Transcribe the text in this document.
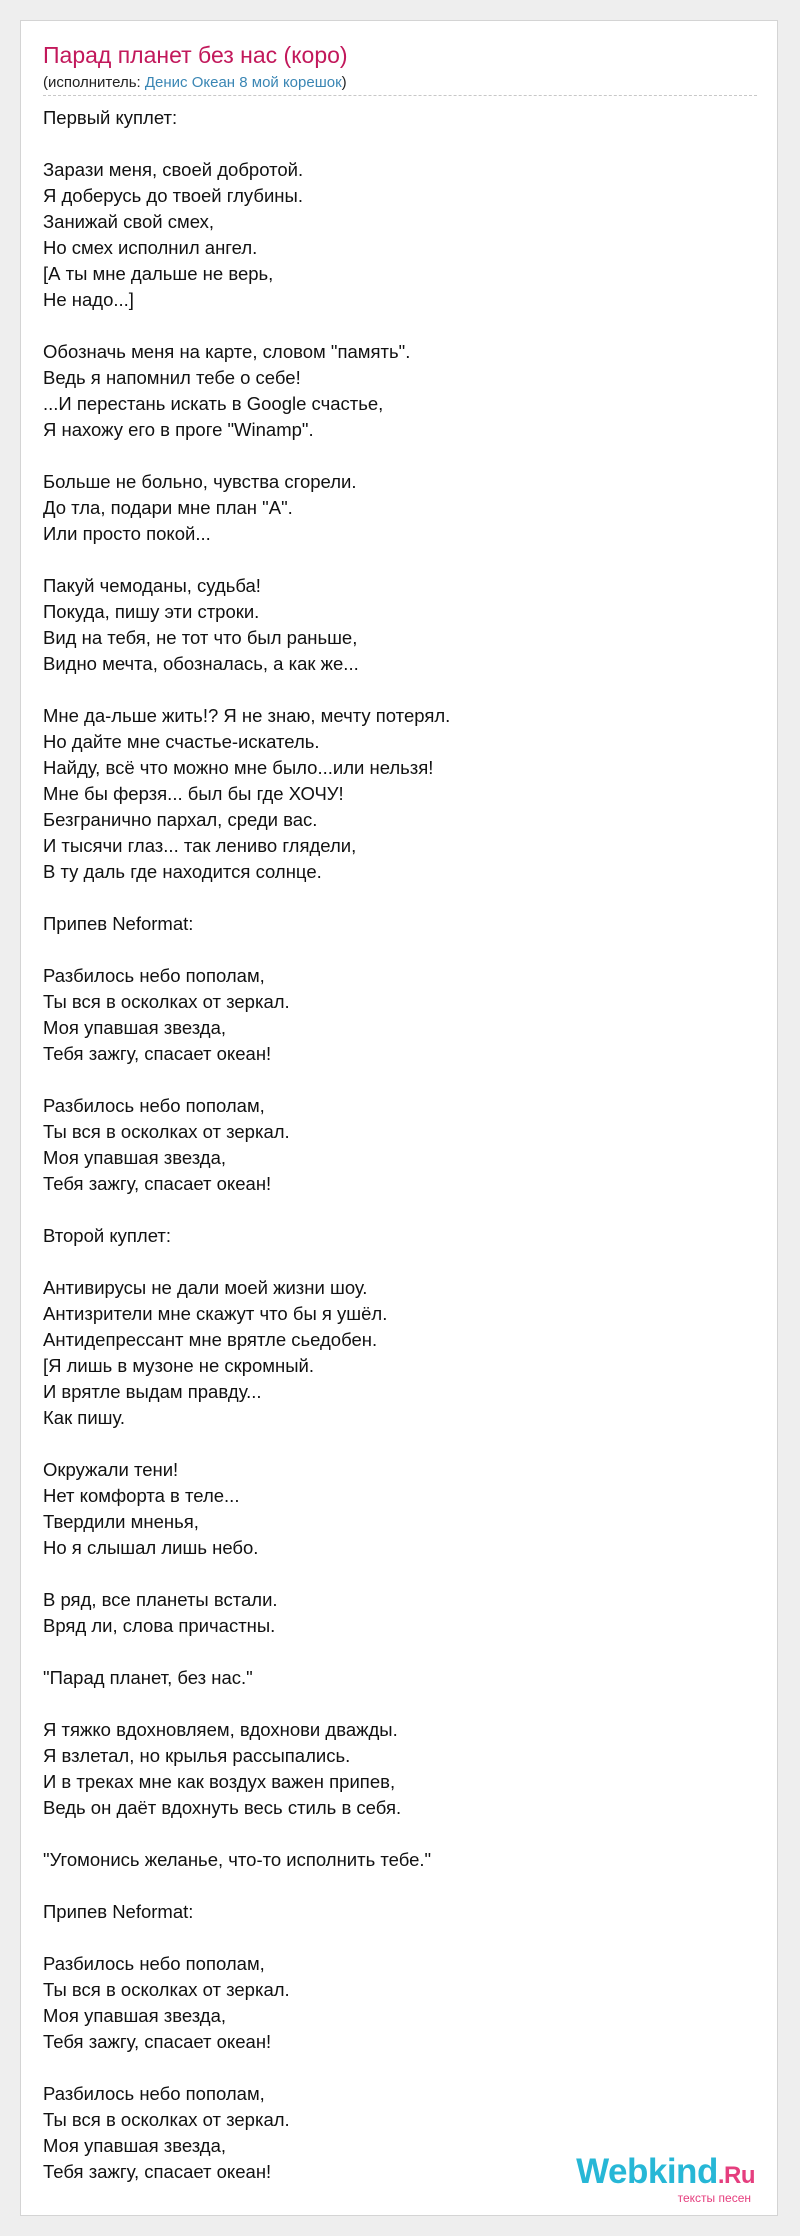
Парад планет без нас (коро)
(исполнитель: Денис Океан 8 мой корешок)
Первый куплет:
Зарази меня, своей добротой.
Я доберусь до твоей глубины.
Занижай свой смех,
Но смех исполнил ангел.
[А ты мне дальше не верь,
Не надо...]
Обозначь меня на карте, словом "память".
Ведь я напомнил тебе о себе!
...И перестань искать в Google счастье,
Я нахожу его в проге "Winamp".
Больше не больно, чувства сгорели.
До тла, подари мне план "А".
Или просто покой...
Пакуй чемоданы, судьба!
Покуда, пишу эти строки.
Вид на тебя, не тот что был раньше,
Видно мечта, обозналась, а как же...
Мне да-льше жить!? Я не знаю, мечту потерял.
Но дайте мне счастье-искатель.
Найду, всё что можно мне было...или нельзя!
Мне бы ферзя... был бы где ХОЧУ!
Безгранично пархал, среди вас.
И тысячи глаз... так лениво глядели,
В ту даль где находится солнце.
Припев Neformat:
Разбилось небо пополам,
Ты вся в осколках от зеркал.
Моя упавшая звезда,
Тебя зажгу, спасает океан!
Разбилось небо пополам,
Ты вся в осколках от зеркал.
Моя упавшая звезда,
Тебя зажгу, спасает океан!
Второй куплет:
Антивирусы не дали моей жизни шоу.
Антизрители мне скажут что бы я ушёл.
Антидепрессант мне врятле сьедобен.
[Я лишь в музоне не скромный.
И врятле выдам правду...
Как пишу.
Окружали тени!
Нет комфорта в теле...
Твердили мненья,
Но я слышал лишь небо.
В ряд, все планеты встали.
Вряд ли, слова причастны.
"Парад планет, без нас."
Я тяжко вдохновляем, вдохнови дважды.
Я взлетал, но крылья рассыпались.
И в треках мне как воздух важен припев,
Ведь он даёт вдохнуть весь стиль в себя.
"Угомонись желанье, что-то исполнить тебе."
Припев Neformat:
Разбилось небо пополам,
Ты вся в осколках от зеркал.
Моя упавшая звезда,
Тебя зажгу, спасает океан!
Разбилось небо пополам,
Ты вся в осколках от зеркал.
Моя упавшая звезда,
Тебя зажгу, спасает океан!	Webkind.Ru
тексты песен
